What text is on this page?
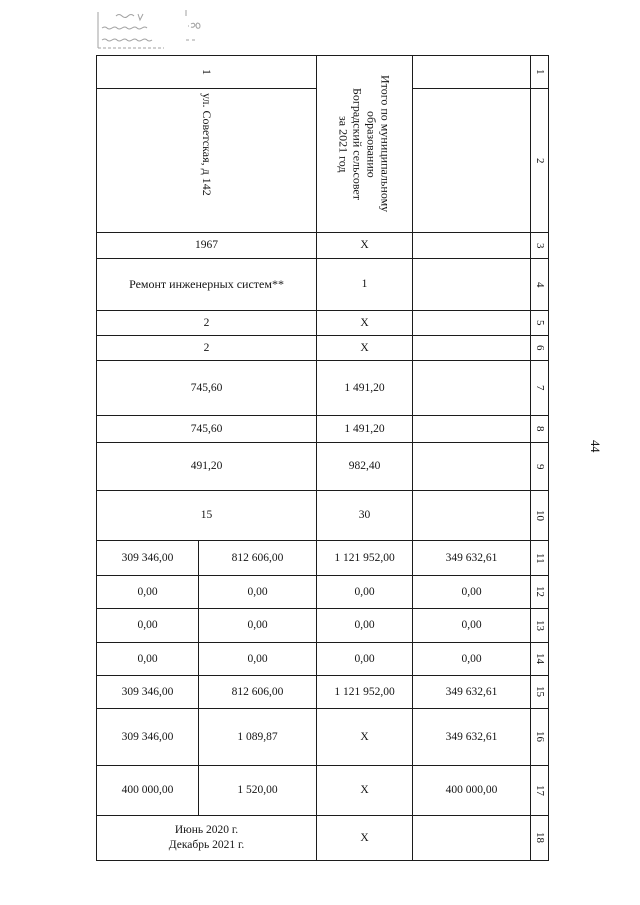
1		Итого по муниципальному
образованию
Боградский сельсовет
за 2021 год		1
ул. Советская, д 142				2
1967		Х		3
Ремонт инженерных систем**		1		4
2		Х		5
2		Х		6
745,60		1 491,20		7
745,60		1 491,20		8
491,20		982,40		9
15		30		10
309 346,00	812 606,00	1 121 952,00	349 632,61	11
0,00	0,00	0,00	0,00	12
0,00	0,00	0,00	0,00	13
0,00	0,00	0,00	0,00	14
309 346,00	812 606,00	1 121 952,00	349 632,61	15
309 346,00	1 089,87	Х	349 632,61	16
400 000,00	1 520,00	Х	400 000,00	17
Июнь 2020 г.
Декабрь 2021 г.		Х		18
44
